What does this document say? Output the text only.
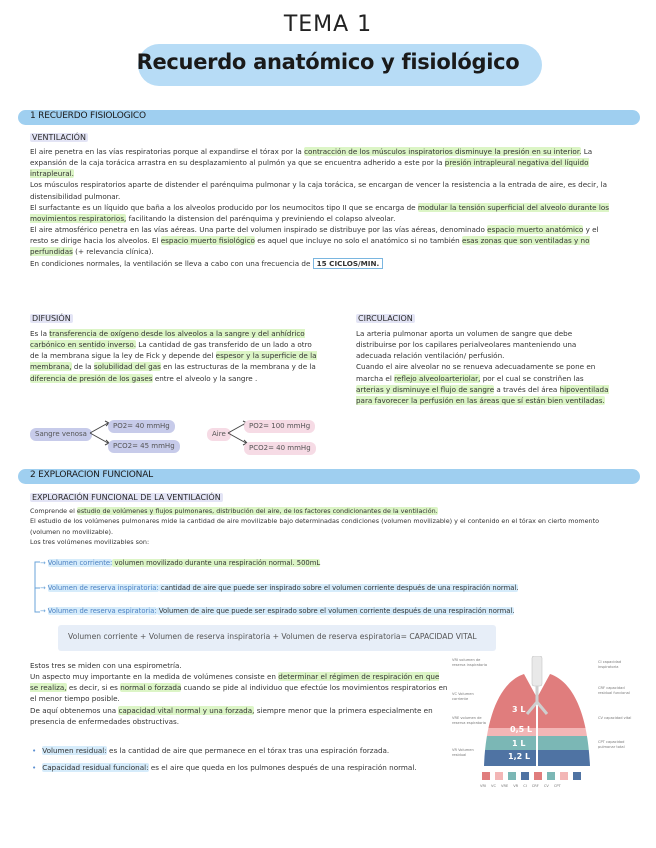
TEMA 1
Recuerdo anatómico y fisiológico
1 RECUERDO FISIOLOGICO
VENTILACIÓN
El aire penetra en las vías respiratorias porque al expandirse el tórax por la contracción de los músculos inspiratorios disminuye la presión en su interior. La expansión de la caja torácica arrastra en su desplazamiento al pulmón ya que se encuentra adherido a este por la presión intrapleural negativa del líquido intrapleural.
Los músculos respiratorios aparte de distender el parénquima pulmonar y la caja torácica, se encargan de vencer la resistencia a la entrada de aire, es decir, la distensibilidad pulmonar.
El surfactante es un líquido que baña a los alveolos producido por los neumocitos tipo II que se encarga de modular la tensión superficial del alveolo durante los movimientos respiratorios, facilitando la distension del parénquima y previniendo el colapso alveolar.
El aire atmosférico penetra en las vías aéreas. Una parte del volumen inspirado se distribuye por las vías aéreas, denominado espacio muerto anatómico y el resto se dirige hacia los alveolos. El espacio muerto fisiológico es aquel que incluye no solo el anatómico si no también esas zonas que son ventiladas y no perfundidas (+ relevancia clínica).
En condiciones normales, la ventilación se lleva a cabo con una frecuencia de 15 CICLOS/MIN.
DIFUSIÓN
Es la transferencia de oxígeno desde los alveolos a la sangre y del anhídrico carbónico en sentido inverso. La cantidad de gas transferido de un lado a otro de la membrana sigue la ley de Fick y depende del espesor y la superficie de la membrana, de la solubilidad del gas en las estructuras de la membrana y de la diferencia de presión de los gases entre el alveolo y la sangre .
CIRCULACION
La arteria pulmonar aporta un volumen de sangre que debe distribuirse por los capilares perialveolares manteniendo una adecuada relación ventilación/ perfusión.
Cuando el aire alveolar no se renueva adecuadamente se pone en marcha el reflejo alveoloarteriolar, por el cual se constriñen las arterias y disminuye el flujo de sangre a través del área hipoventilada para favorecer la perfusión en las áreas que sí están bien ventiladas.
Sangre venosa
PO2= 40 mmHg
PCO2= 45 mmHg
Aire
PO2= 100 mmHg
PCO2= 40 mmHg
2 EXPLORACION FUNCIONAL
EXPLORACIÓN FUNCIONAL DE LA VENTILACIÓN
Comprende el estudio de volúmenes y flujos pulmonares, distribución del aire, de los factores condicionantes de la ventilación.
El estudio de los volúmenes pulmonares mide la cantidad de aire movilizable bajo determinadas condiciones (volumen movilizable) y el contenido en el tórax en cierto momento (volumen no movilizable).
Los tres volúmenes movilizables son:
→ Volumen corriente: volumen movilizado durante una respiración normal. 500mL
→ Volumen de reserva inspiratoria: cantidad de aire que puede ser inspirado sobre el volumen corriente después de una respiración normal.
→ Volumen de reserva espiratoria: Volumen de aire que puede ser espirado sobre el volumen corriente después de una respiración normal.
Volumen corriente + Volumen de reserva inspiratoria + Volumen de reserva espiratoria= CAPACIDAD VITAL
Estos tres se miden con una espirometría.
Un aspecto muy importante en la medida de volúmenes consiste en determinar el régimen de respiración en que se realiza, es decir, si es normal o forzada cuando se pide al individuo que efectúe los movimientos respiratorios en el menor tiempo posible.
De aquí obtenemos una capacidad vital normal y una forzada, siempre menor que la primera especialmente en presencia de enfermedades obstructivas.
• Volumen residual: es la cantidad de aire que permanece en el tórax tras una espiración forzada.
• Capacidad residual funcional: es el aire que queda en los pulmones después de una respiración normal.
VRI volumen de reserva inspiratoria
VC Volumen corriente
VRE volumen de reserva espiratoria
VR Volumen residual
CI capacidad inspiratoria
CRF capacidad residual funcional
CV capacidad vital
CPT capacidad pulmonar total
3 L
0,5 L
1 L
1,2 L
VRI VC VRE VR CI CRF CV CPT
